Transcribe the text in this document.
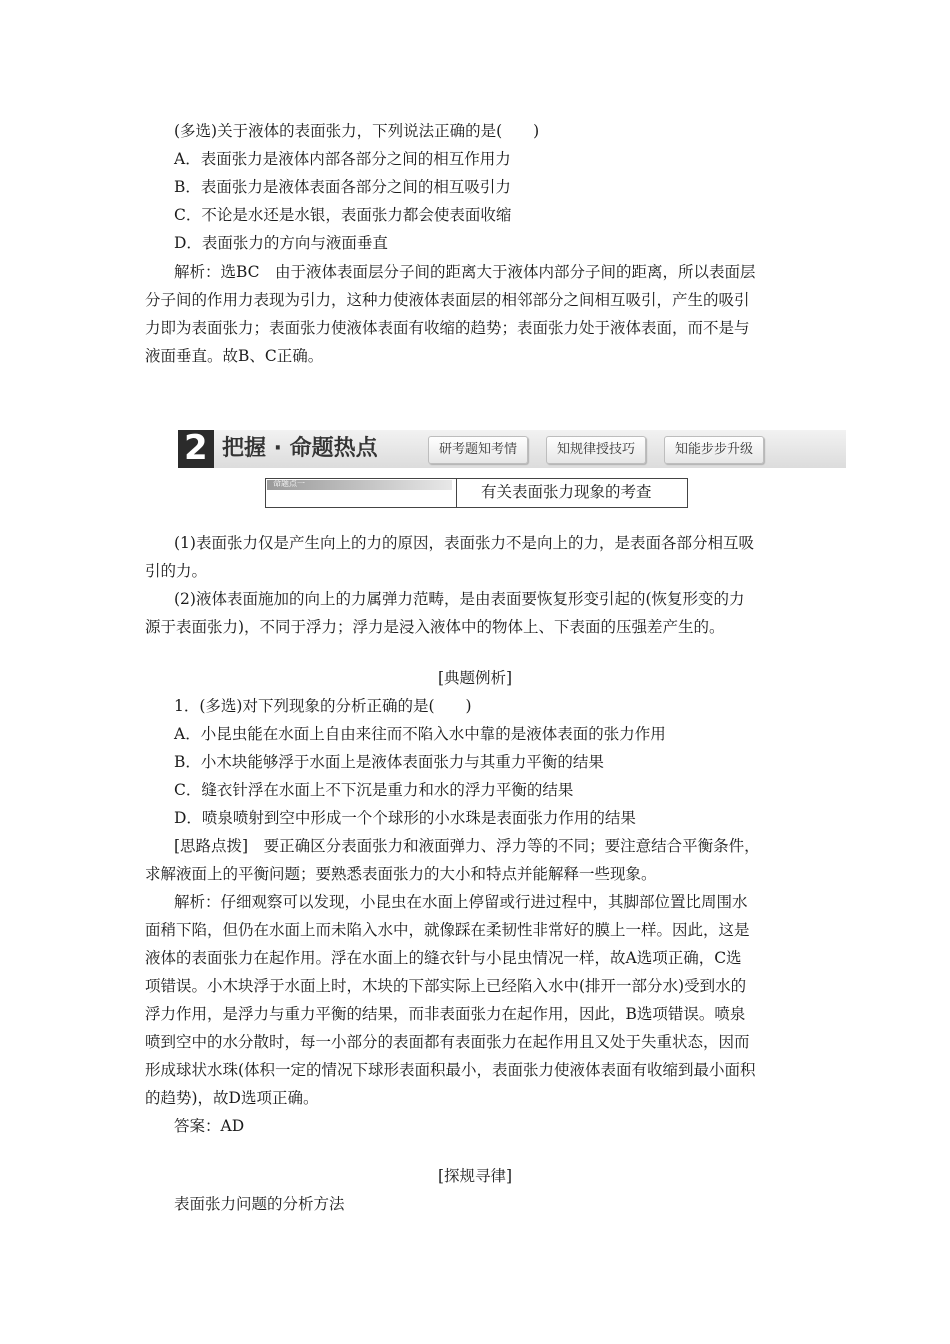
(多选)关于液体的表面张力，下列说法正确的是(　　)
A．表面张力是液体内部各部分之间的相互作用力
B．表面张力是液体表面各部分之间的相互吸引力
C．不论是水还是水银，表面张力都会使表面收缩
D．表面张力的方向与液面垂直
解析：选BC　由于液体表面层分子间的距离大于液体内部分子间的距离，所以表面层
分子间的作用力表现为引力，这种力使液体表面层的相邻部分之间相互吸引，产生的吸引
力即为表面张力；表面张力使液体表面有收缩的趋势；表面张力处于液体表面，而不是与
液面垂直。故B、C正确。
2 把握 · 命题热点	研考题知考情	知规律授技巧	知能步步升级
命题点一	有关表面张力现象的考查
(1)表面张力仅是产生向上的力的原因，表面张力不是向上的力，是表面各部分相互吸
引的力。
(2)液体表面施加的向上的力属弹力范畴，是由表面要恢复形变引起的(恢复形变的力
源于表面张力)，不同于浮力；浮力是浸入液体中的物体上、下表面的压强差产生的。
[典题例析]
1．(多选)对下列现象的分析正确的是(　　)
A．小昆虫能在水面上自由来往而不陷入水中靠的是液体表面的张力作用
B．小木块能够浮于水面上是液体表面张力与其重力平衡的结果
C．缝衣针浮在水面上不下沉是重力和水的浮力平衡的结果
D．喷泉喷射到空中形成一个个球形的小水珠是表面张力作用的结果
[思路点拨]　要正确区分表面张力和液面弹力、浮力等的不同；要注意结合平衡条件，
求解液面上的平衡问题；要熟悉表面张力的大小和特点并能解释一些现象。
解析：仔细观察可以发现，小昆虫在水面上停留或行进过程中，其脚部位置比周围水
面稍下陷，但仍在水面上而未陷入水中，就像踩在柔韧性非常好的膜上一样。因此，这是
液体的表面张力在起作用。浮在水面上的缝衣针与小昆虫情况一样，故A选项正确，C选
项错误。小木块浮于水面上时，木块的下部实际上已经陷入水中(排开一部分水)受到水的
浮力作用，是浮力与重力平衡的结果，而非表面张力在起作用，因此，B选项错误。喷泉
喷到空中的水分散时，每一小部分的表面都有表面张力在起作用且又处于失重状态，因而
形成球状水珠(体积一定的情况下球形表面积最小，表面张力使液体表面有收缩到最小面积
的趋势)，故D选项正确。
答案：AD
[探规寻律]
表面张力问题的分析方法
